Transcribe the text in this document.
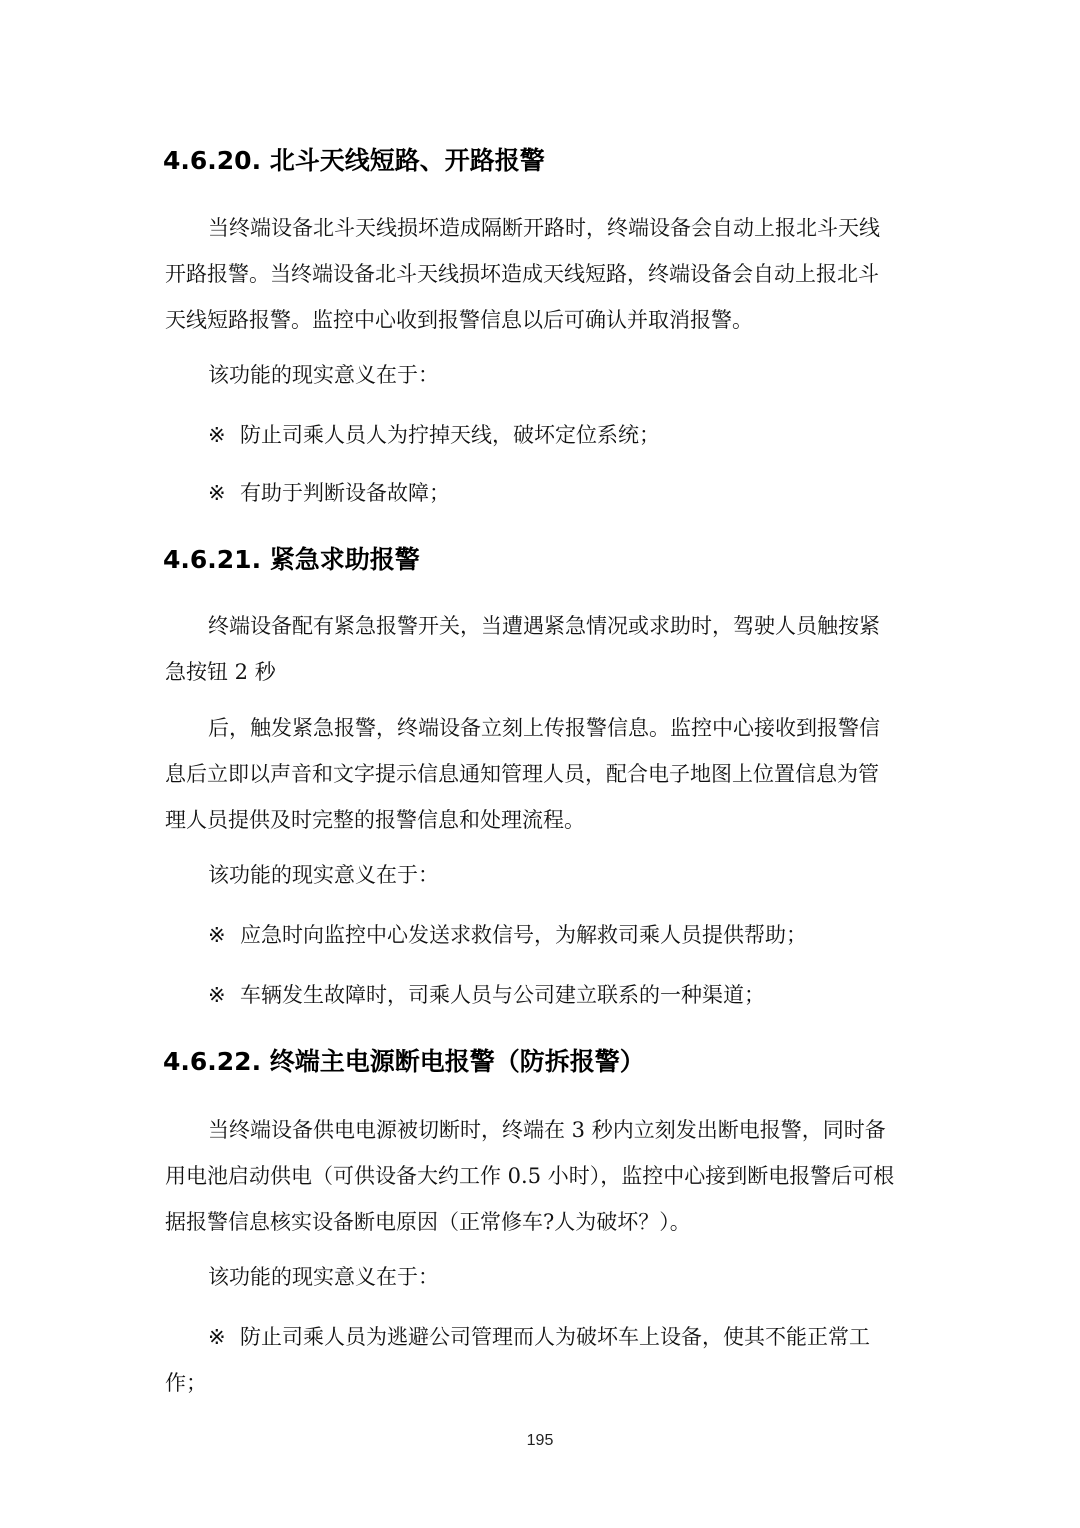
4.6.20. 北斗天线短路、开路报警
当终端设备北斗天线损坏造成隔断开路时，终端设备会自动上报北斗天线
开路报警。当终端设备北斗天线损坏造成天线短路，终端设备会自动上报北斗
天线短路报警。监控中心收到报警信息以后可确认并取消报警。
该功能的现实意义在于：
※ 防止司乘人员人为拧掉天线，破坏定位系统；
※ 有助于判断设备故障；
4.6.21. 紧急求助报警
终端设备配有紧急报警开关，当遭遇紧急情况或求助时，驾驶人员触按紧
急按钮 2 秒
后，触发紧急报警，终端设备立刻上传报警信息。监控中心接收到报警信
息后立即以声音和文字提示信息通知管理人员，配合电子地图上位置信息为管
理人员提供及时完整的报警信息和处理流程。
该功能的现实意义在于：
※ 应急时向监控中心发送求救信号，为解救司乘人员提供帮助；
※ 车辆发生故障时，司乘人员与公司建立联系的一种渠道；
4.6.22. 终端主电源断电报警（防拆报警）
当终端设备供电电源被切断时，终端在 3 秒内立刻发出断电报警，同时备
用电池启动供电（可供设备大约工作 0.5 小时），监控中心接到断电报警后可根
据报警信息核实设备断电原因（正常修车?人为破坏？）。
该功能的现实意义在于：
※ 防止司乘人员为逃避公司管理而人为破坏车上设备，使其不能正常工
作；
195
